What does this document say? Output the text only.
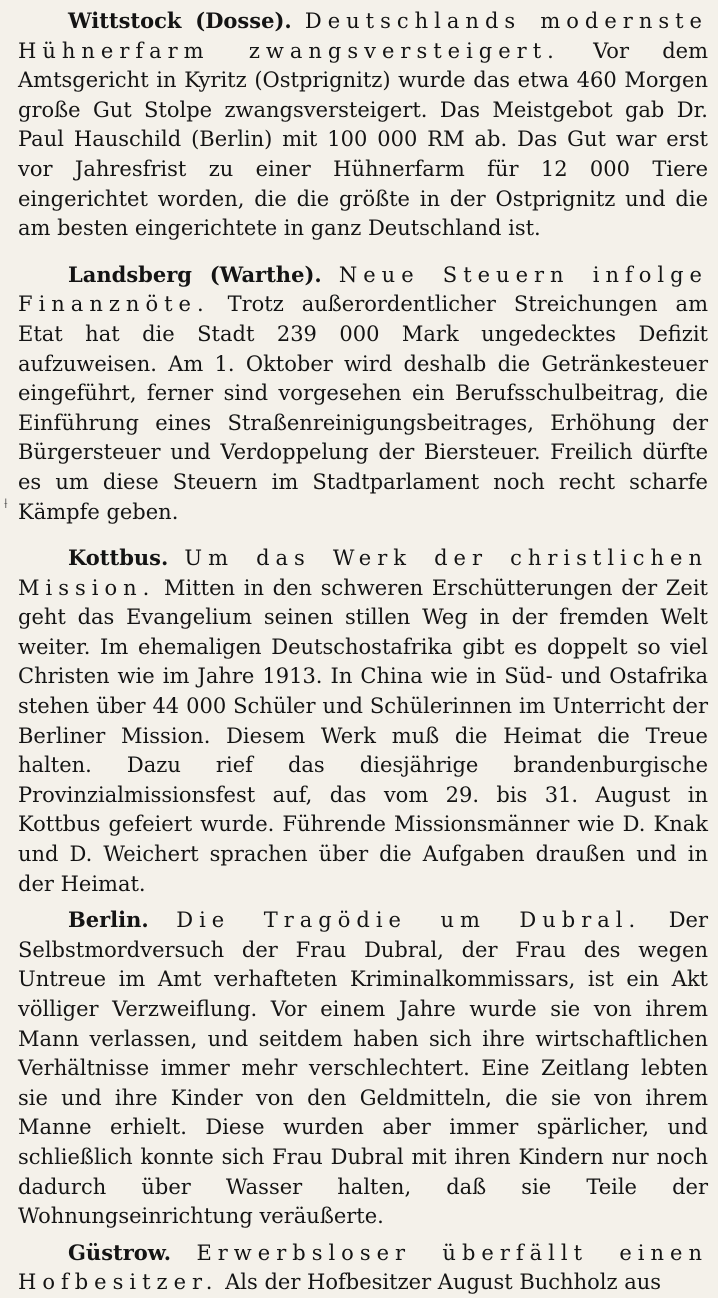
⟊

Wittstock (Dosse). Deutschlands modernste Hühnerfarm zwangsversteigert. Vor dem Amtsgericht in Kyritz (Ostprignitz) wurde das etwa 460 Morgen große Gut Stolpe zwangsversteigert. Das Meistgebot gab Dr. Paul Hauschild (Berlin) mit 100 000 RM ab. Das Gut war erst vor Jahresfrist zu einer Hühnerfarm für 12 000 Tiere eingerichtet worden, die die größte in der Ostprignitz und die am besten eingerichtete in ganz Deutschland ist.

Landsberg (Warthe). Neue Steuern infolge Finanznöte. Trotz außerordentlicher Streichungen am Etat hat die Stadt 239 000 Mark ungedecktes Defizit aufzuweisen. Am 1. Oktober wird deshalb die Getränkesteuer eingeführt, ferner sind vorgesehen ein Berufsschulbeitrag, die Einführung eines Straßenreinigungsbeitrages, Erhöhung der Bürgersteuer und Verdoppelung der Biersteuer. Freilich dürfte es um diese Steuern im Stadtparlament noch recht scharfe Kämpfe geben.

Kottbus. Um das Werk der christlichen Mission. Mitten in den schweren Erschütterungen der Zeit geht das Evangelium seinen stillen Weg in der fremden Welt weiter. Im ehemaligen Deutschostafrika gibt es doppelt so viel Christen wie im Jahre 1913. In China wie in Süd- und Ostafrika stehen über 44 000 Schüler und Schülerinnen im Unterricht der Berliner Mission. Diesem Werk muß die Heimat die Treue halten. Dazu rief das diesjährige brandenburgische Provinzialmissionsfest auf, das vom 29. bis 31. August in Kottbus gefeiert wurde. Führende Missionsmänner wie D. Knak und D. Weichert sprachen über die Aufgaben draußen und in der Heimat.

Berlin. Die Tragödie um Dubral. Der Selbstmordversuch der Frau Dubral, der Frau des wegen Untreue im Amt verhafteten Kriminalkommissars, ist ein Akt völliger Verzweiflung. Vor einem Jahre wurde sie von ihrem Mann verlassen, und seitdem haben sich ihre wirtschaftlichen Verhältnisse immer mehr verschlechtert. Eine Zeitlang lebten sie und ihre Kinder von den Geldmitteln, die sie von ihrem Manne erhielt. Diese wurden aber immer spärlicher, und schließlich konnte sich Frau Dubral mit ihren Kindern nur noch dadurch über Wasser halten, daß sie Teile der Wohnungseinrichtung veräußerte.

Güstrow. Erwerbsloser überfällt einen Hofbesitzer. Als der Hofbesitzer August Buchholz aus
